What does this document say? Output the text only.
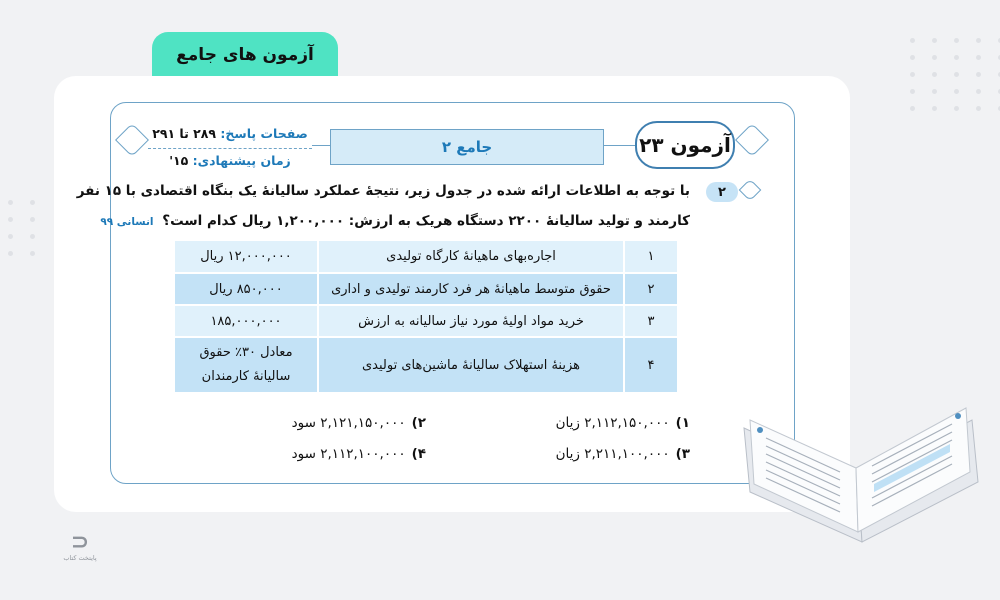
آزمون های جامع
جامع ۲	آزمون ۲۳
صفحات پاسخ: ۲۸۹ تا ۲۹۱
زمان پیشنهادی: ۱۵'
۲
با توجه به اطلاعات ارائه شده در جدول زیر، نتیجهٔ عملکرد سالیانهٔ یک بنگاه اقتصادی با ۱۵ نفر
کارمند و تولید سالیانهٔ ۲۲۰۰ دستگاه هریک به ارزش: ۱,۲۰۰,۰۰۰ ریال کدام است؟ انسانی ۹۹
۱	اجاره‌بهای ماهیانهٔ کارگاه تولیدی	۱۲,۰۰۰,۰۰۰ ریال
۲	حقوق متوسط ماهیانهٔ هر فرد کارمند تولیدی و اداری	۸۵۰,۰۰۰ ریال
۳	خرید مواد اولیهٔ مورد نیاز سالیانه به ارزش	۱۸۵,۰۰۰,۰۰۰
۴	هزینهٔ استهلاک سالیانهٔ ماشین‌های تولیدی	معادل ۳۰٪ حقوق
سالیانهٔ کارمندان
۱)۲,۱۱۲,۱۵۰,۰۰۰ زیان
۲)۲,۱۲۱,۱۵۰,۰۰۰ سود
۳)۲,۲۱۱,۱۰۰,۰۰۰ زیان
۴)۲,۱۱۲,۱۰۰,۰۰۰ سود
⊃
پایتخت کتاب
